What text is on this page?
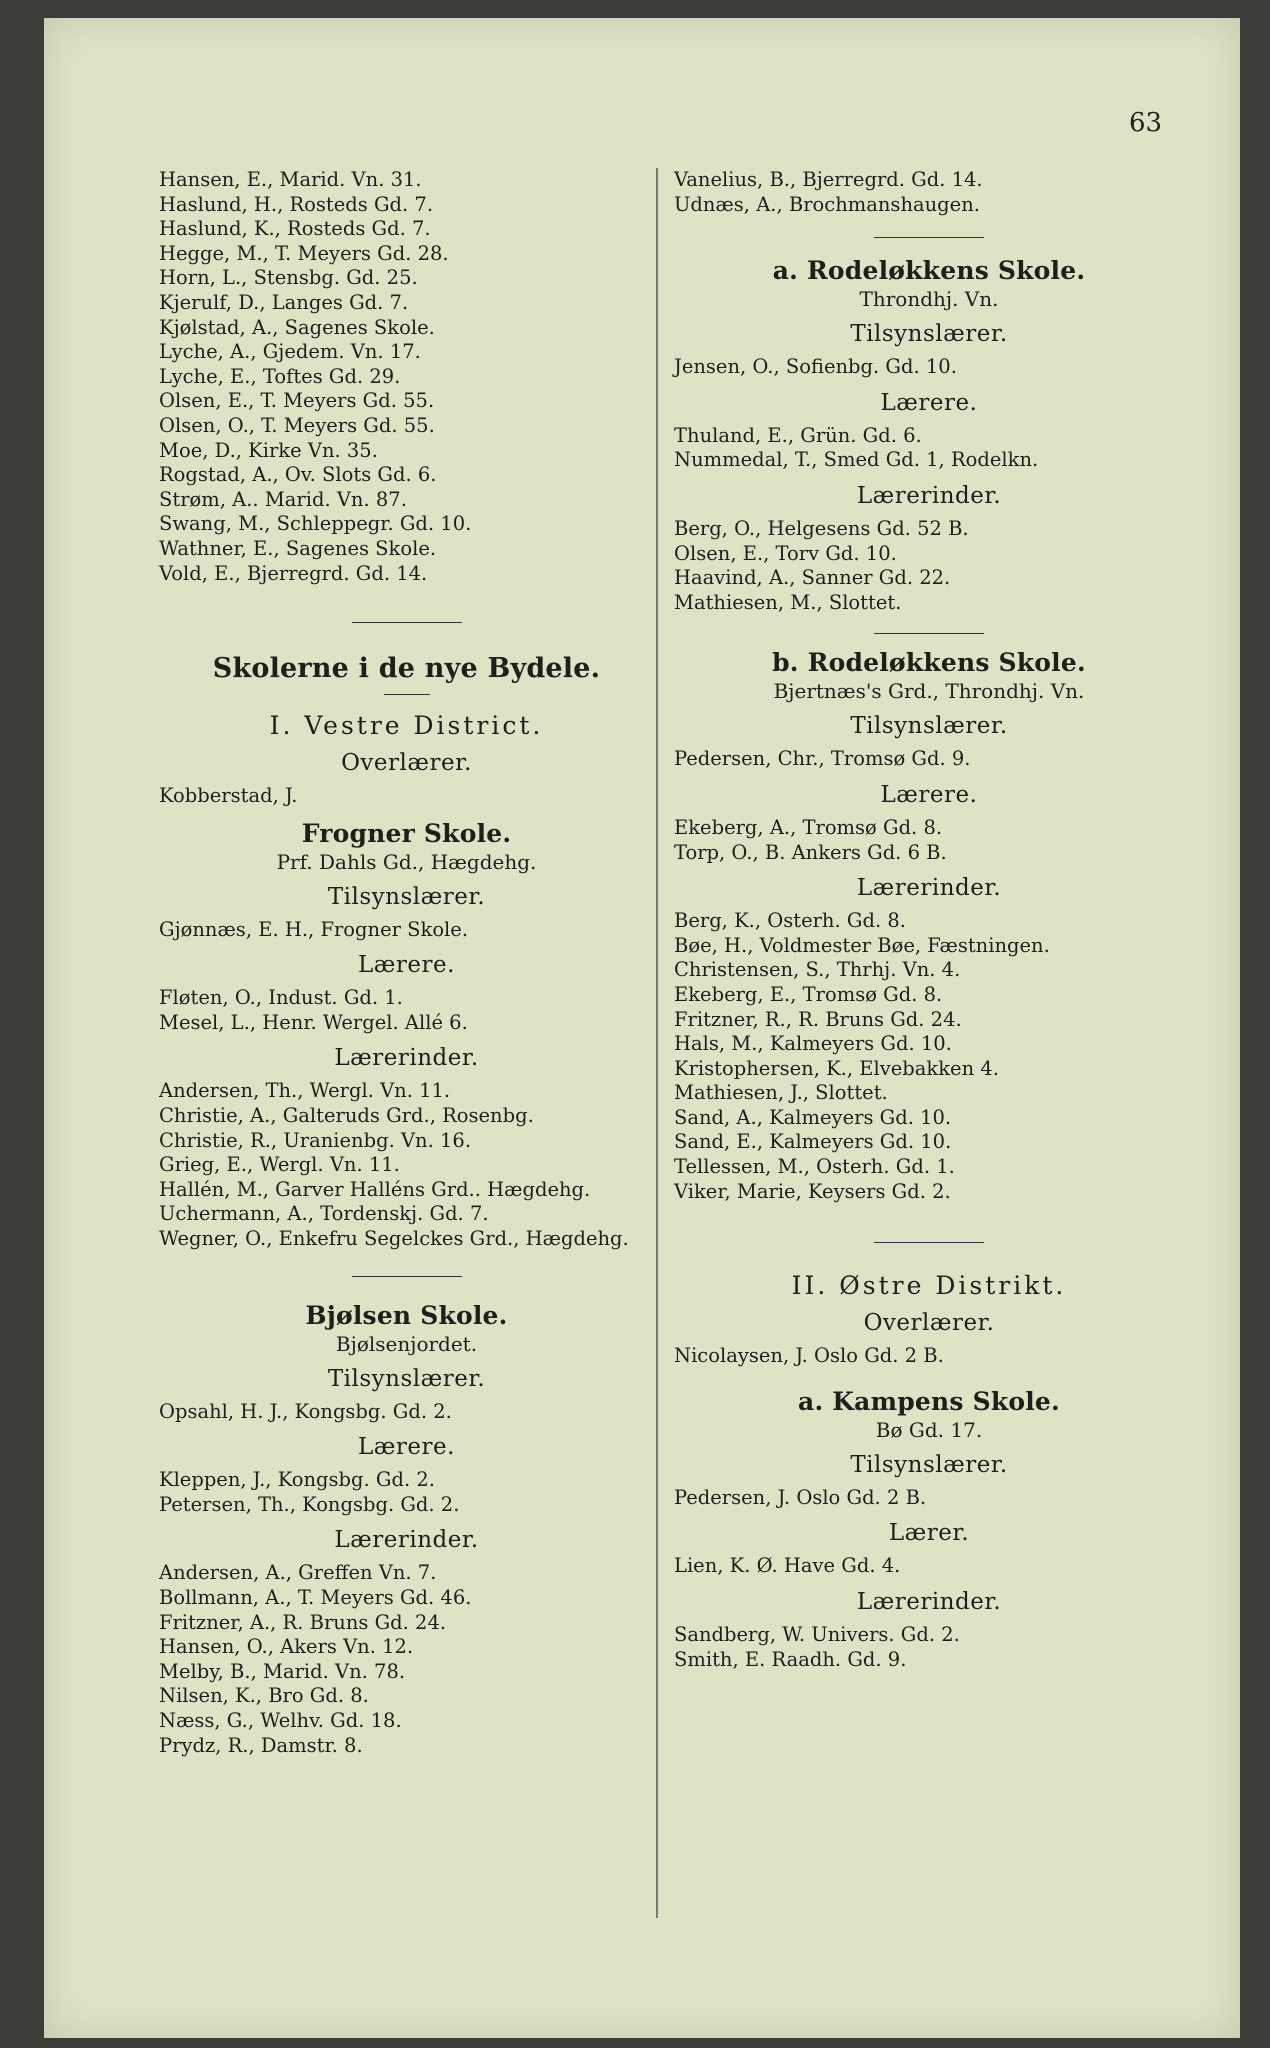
63
Hansen, E., Marid. Vn. 31.
Haslund, H., Rosteds Gd. 7.
Haslund, K., Rosteds Gd. 7.
Hegge, M., T. Meyers Gd. 28.
Horn, L., Stensbg. Gd. 25.
Kjerulf, D., Langes Gd. 7.
Kjølstad, A., Sagenes Skole.
Lyche, A., Gjedem. Vn. 17.
Lyche, E., Toftes Gd. 29.
Olsen, E., T. Meyers Gd. 55.
Olsen, O., T. Meyers Gd. 55.
Moe, D., Kirke Vn. 35.
Rogstad, A., Ov. Slots Gd. 6.
Strøm, A.. Marid. Vn. 87.
Swang, M., Schleppegr. Gd. 10.
Wathner, E., Sagenes Skole.
Vold, E., Bjerregrd. Gd. 14.
Skolerne i de nye Bydele.
I. Vestre District.
Overlærer.
Kobberstad, J.
Frogner Skole.
Prf. Dahls Gd., Hægdehg.
Tilsynslærer.
Gjønnæs, E. H., Frogner Skole.
Lærere.
Fløten, O., Indust. Gd. 1.
Mesel, L., Henr. Wergel. Allé 6.
Lærerinder.
Andersen, Th., Wergl. Vn. 11.
Christie, A., Galteruds Grd., Rosenbg.
Christie, R., Uranienbg. Vn. 16.
Grieg, E., Wergl. Vn. 11.
Hallén, M., Garver Halléns Grd.. Hægdehg.
Uchermann, A., Tordenskj. Gd. 7.
Wegner, O., Enkefru Segelckes Grd., Hægdehg.
Bjølsen Skole.
Bjølsenjordet.
Tilsynslærer.
Opsahl, H. J., Kongsbg. Gd. 2.
Lærere.
Kleppen, J., Kongsbg. Gd. 2.
Petersen, Th., Kongsbg. Gd. 2.
Lærerinder.
Andersen, A., Greffen Vn. 7.
Bollmann, A., T. Meyers Gd. 46.
Fritzner, A., R. Bruns Gd. 24.
Hansen, O., Akers Vn. 12.
Melby, B., Marid. Vn. 78.
Nilsen, K., Bro Gd. 8.
Næss, G., Welhv. Gd. 18.
Prydz, R., Damstr. 8.
Vanelius, B., Bjerregrd. Gd. 14.
Udnæs, A., Brochmanshaugen.
a. Rodeløkkens Skole.
Throndhj. Vn.
Tilsynslærer.
Jensen, O., Sofienbg. Gd. 10.
Lærere.
Thuland, E., Grün. Gd. 6.
Nummedal, T., Smed Gd. 1, Rodelkn.
Lærerinder.
Berg, O., Helgesens Gd. 52 B.
Olsen, E., Torv Gd. 10.
Haavind, A., Sanner Gd. 22.
Mathiesen, M., Slottet.
b. Rodeløkkens Skole.
Bjertnæs's Grd., Throndhj. Vn.
Tilsynslærer.
Pedersen, Chr., Tromsø Gd. 9.
Lærere.
Ekeberg, A., Tromsø Gd. 8.
Torp, O., B. Ankers Gd. 6 B.
Lærerinder.
Berg, K., Osterh. Gd. 8.
Bøe, H., Voldmester Bøe, Fæstningen.
Christensen, S., Thrhj. Vn. 4.
Ekeberg, E., Tromsø Gd. 8.
Fritzner, R., R. Bruns Gd. 24.
Hals, M., Kalmeyers Gd. 10.
Kristophersen, K., Elvebakken 4.
Mathiesen, J., Slottet.
Sand, A., Kalmeyers Gd. 10.
Sand, E., Kalmeyers Gd. 10.
Tellessen, M., Osterh. Gd. 1.
Viker, Marie, Keysers Gd. 2.
II. Østre Distrikt.
Overlærer.
Nicolaysen, J. Oslo Gd. 2 B.
a. Kampens Skole.
Bø Gd. 17.
Tilsynslærer.
Pedersen, J. Oslo Gd. 2 B.
Lærer.
Lien, K. Ø. Have Gd. 4.
Lærerinder.
Sandberg, W. Univers. Gd. 2.
Smith, E. Raadh. Gd. 9.
